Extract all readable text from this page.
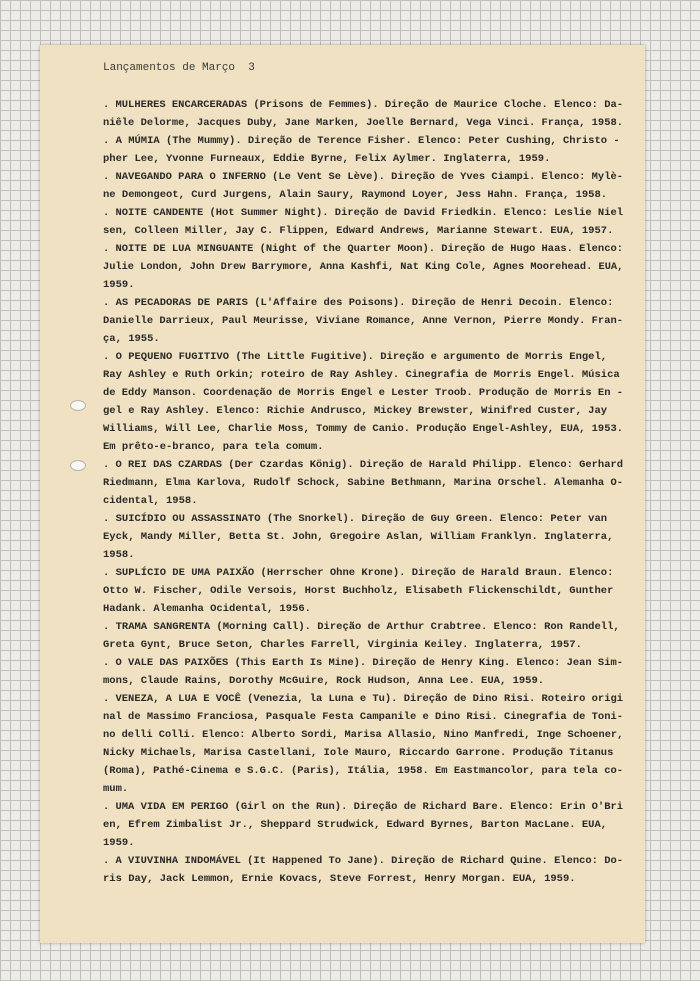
Lançamentos de Março  3
. MULHERES ENCARCERADAS (Prisons de Femmes). Direção de Maurice Cloche. Elenco: Da-
niêle Delorme, Jacques Duby, Jane Marken, Joelle Bernard, Vega Vinci. França, 1958.
. A MÚMIA (The Mummy). Direção de Terence Fisher. Elenco: Peter Cushing, Christo -
pher Lee, Yvonne Furneaux, Eddie Byrne, Felix Aylmer. Inglaterra, 1959.
. NAVEGANDO PARA O INFERNO (Le Vent Se Lève). Direção de Yves Ciampi. Elenco: Mylè-
ne Demongeot, Curd Jurgens, Alain Saury, Raymond Loyer, Jess Hahn. França, 1958.
. NOITE CANDENTE (Hot Summer Night). Direção de David Friedkin. Elenco: Leslie Niel
sen, Colleen Miller, Jay C. Flippen, Edward Andrews, Marianne Stewart. EUA, 1957.
. NOITE DE LUA MINGUANTE (Night of the Quarter Moon). Direção de Hugo Haas. Elenco:
Julie London, John Drew Barrymore, Anna Kashfi, Nat King Cole, Agnes Moorehead. EUA,
1959.
. AS PECADORAS DE PARIS (L'Affaire des Poisons). Direção de Henri Decoin. Elenco:
Danielle Darrieux, Paul Meurisse, Viviane Romance, Anne Vernon, Pierre Mondy. Fran-
ça, 1955.
. O PEQUENO FUGITIVO (The Little Fugitive). Direção e argumento de Morris Engel,
Ray Ashley e Ruth Orkin; roteiro de Ray Ashley. Cinegrafia de Morris Engel. Música
de Eddy Manson. Coordenação de Morris Engel e Lester Troob. Produção de Morris En -
gel e Ray Ashley. Elenco: Richie Andrusco, Mickey Brewster, Winifred Custer, Jay
Williams, Will Lee, Charlie Moss, Tommy de Canio. Produção Engel-Ashley, EUA, 1953.
Em prêto-e-branco, para tela comum.
. O REI DAS CZARDAS (Der Czardas König). Direção de Harald Philipp. Elenco: Gerhard
Riedmann, Elma Karlova, Rudolf Schock, Sabine Bethmann, Marina Orschel. Alemanha O-
cidental, 1958.
. SUICÍDIO OU ASSASSINATO (The Snorkel). Direção de Guy Green. Elenco: Peter van
Eyck, Mandy Miller, Betta St. John, Gregoire Aslan, William Franklyn. Inglaterra,
1958.
. SUPLÍCIO DE UMA PAIXÃO (Herrscher Ohne Krone). Direção de Harald Braun. Elenco:
Otto W. Fischer, Odile Versois, Horst Buchholz, Elisabeth Flickenschildt, Gunther
Hadank. Alemanha Ocidental, 1956.
. TRAMA SANGRENTA (Morning Call). Direção de Arthur Crabtree. Elenco: Ron Randell,
Greta Gynt, Bruce Seton, Charles Farrell, Virginia Keiley. Inglaterra, 1957.
. O VALE DAS PAIXÕES (This Earth Is Mine). Direção de Henry King. Elenco: Jean Sim-
mons, Claude Rains, Dorothy McGuire, Rock Hudson, Anna Lee. EUA, 1959.
. VENEZA, A LUA E VOCÊ (Venezia, la Luna e Tu). Direção de Dino Risi. Roteiro origi
nal de Massimo Franciosa, Pasquale Festa Campanile e Dino Risi. Cinegrafia de Toni-
no delli Colli. Elenco: Alberto Sordi, Marisa Allasio, Nino Manfredi, Inge Schoener,
Nicky Michaels, Marisa Castellani, Iole Mauro, Riccardo Garrone. Produção Titanus
(Roma), Pathé-Cinema e S.G.C. (Paris), Itália, 1958. Em Eastmancolor, para tela co-
mum.
. UMA VIDA EM PERIGO (Girl on the Run). Direção de Richard Bare. Elenco: Erin O'Bri
en, Efrem Zimbalist Jr., Sheppard Strudwick, Edward Byrnes, Barton MacLane. EUA,
1959.
. A VIUVINHA INDOMÁVEL (It Happened To Jane). Direção de Richard Quine. Elenco: Do-
ris Day, Jack Lemmon, Ernie Kovacs, Steve Forrest, Henry Morgan. EUA, 1959.
